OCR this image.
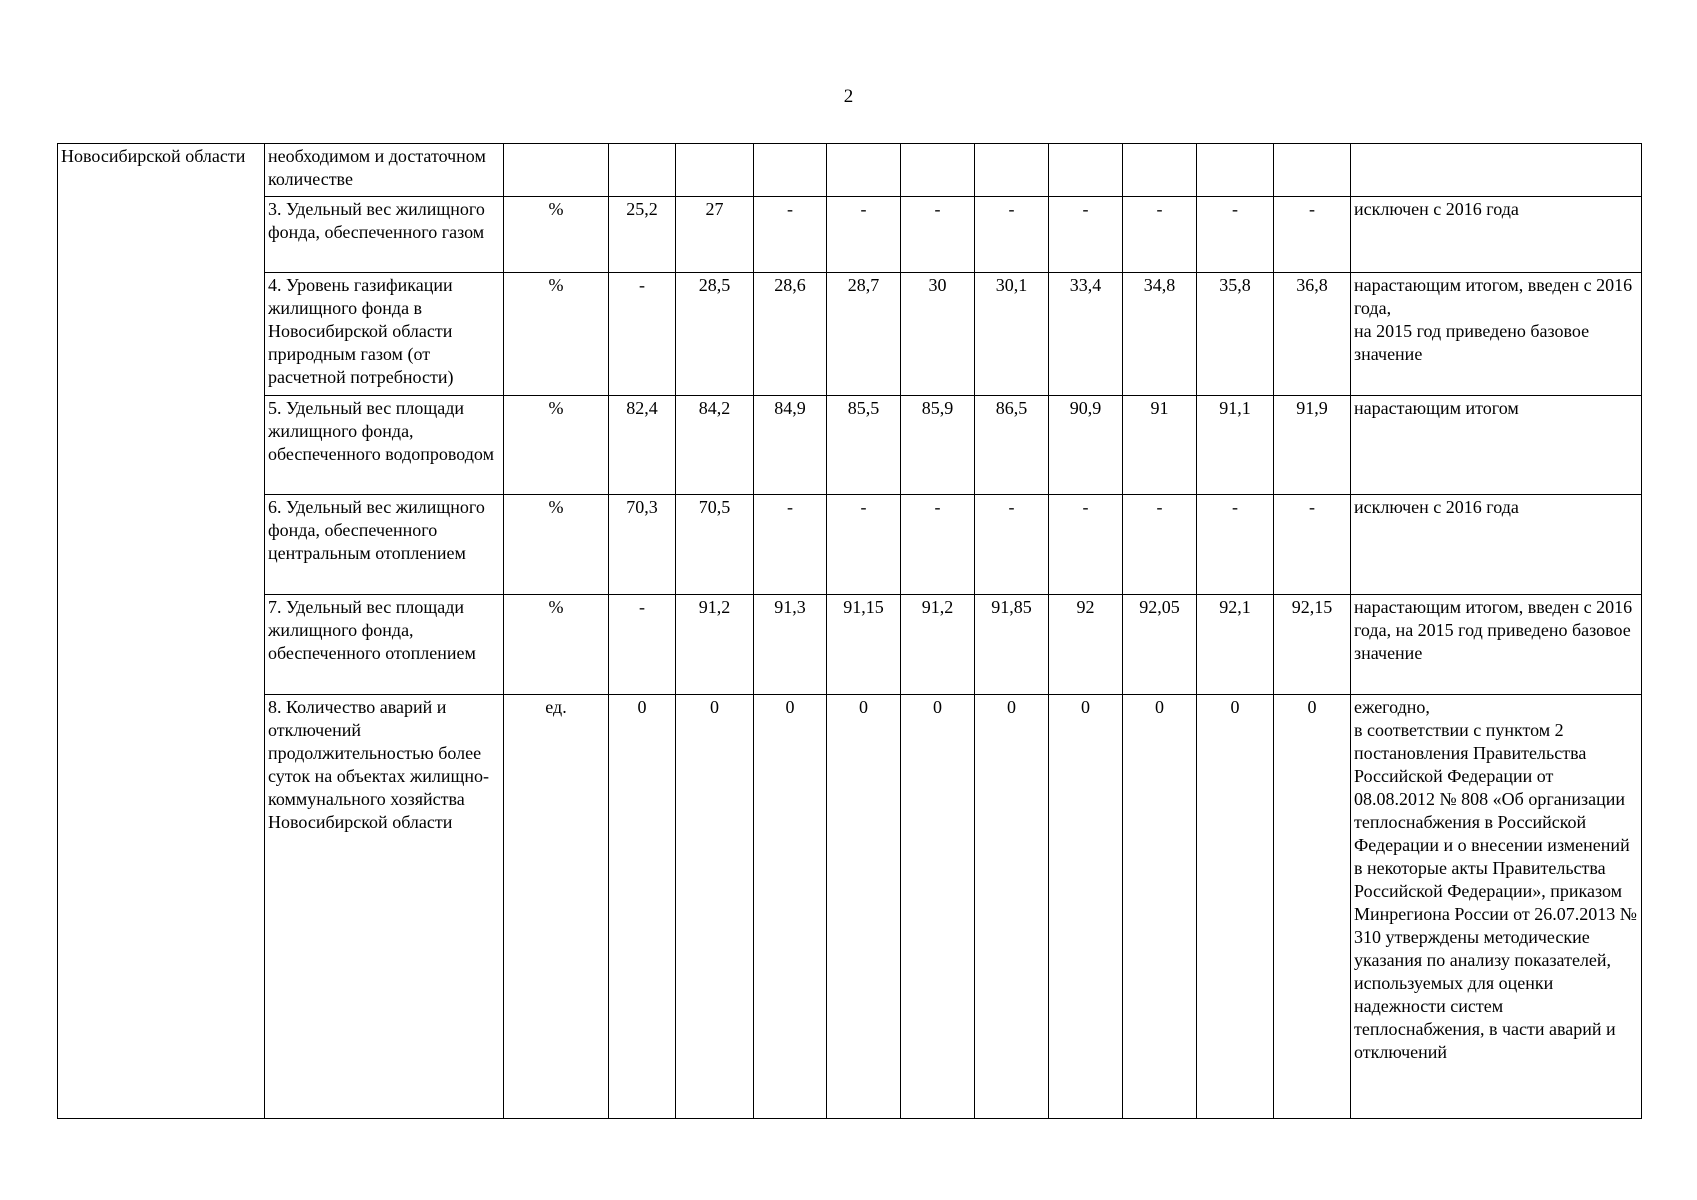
2
Новосибирской области	необходимом и достаточном количестве												
	3. Удельный вес жилищного фонда, обеспеченного газом	%	25,2	27	-	-	-	-	-	-	-	-	исключен с 2016 года
	4. Уровень газификации жилищного фонда в Новосибирской области природным газом (от расчетной потребности)	%	-	28,5	28,6	28,7	30	30,1	33,4	34,8	35,8	36,8	нарастающим итогом, введен с 2016 года,
на 2015 год приведено базовое значение
	5. Удельный вес площади жилищного фонда, обеспеченного водопроводом	%	82,4	84,2	84,9	85,5	85,9	86,5	90,9	91	91,1	91,9	нарастающим итогом
	6. Удельный вес жилищного фонда, обеспеченного центральным отоплением	%	70,3	70,5	-	-	-	-	-	-	-	-	исключен с 2016 года
	7. Удельный вес площади жилищного фонда, обеспеченного отоплением	%	-	91,2	91,3	91,15	91,2	91,85	92	92,05	92,1	92,15	нарастающим итогом, введен с 2016 года, на 2015 год приведено базовое значение
	8. Количество аварий и отключений продолжительностью более суток на объектах жилищно-коммунального хозяйства Новосибирской области	ед.	0	0	0	0	0	0	0	0	0	0	ежегодно,
в соответствии с пунктом 2 постановления Правительства Российской Федерации от 08.08.2012 № 808 «Об организации теплоснабжения в Российской Федерации и о внесении изменений в некоторые акты Правительства Российской Федерации», приказом Минрегиона России от 26.07.2013 № 310 утверждены методические указания по анализу показателей, используемых для оценки надежности систем теплоснабжения, в части аварий и отключений
